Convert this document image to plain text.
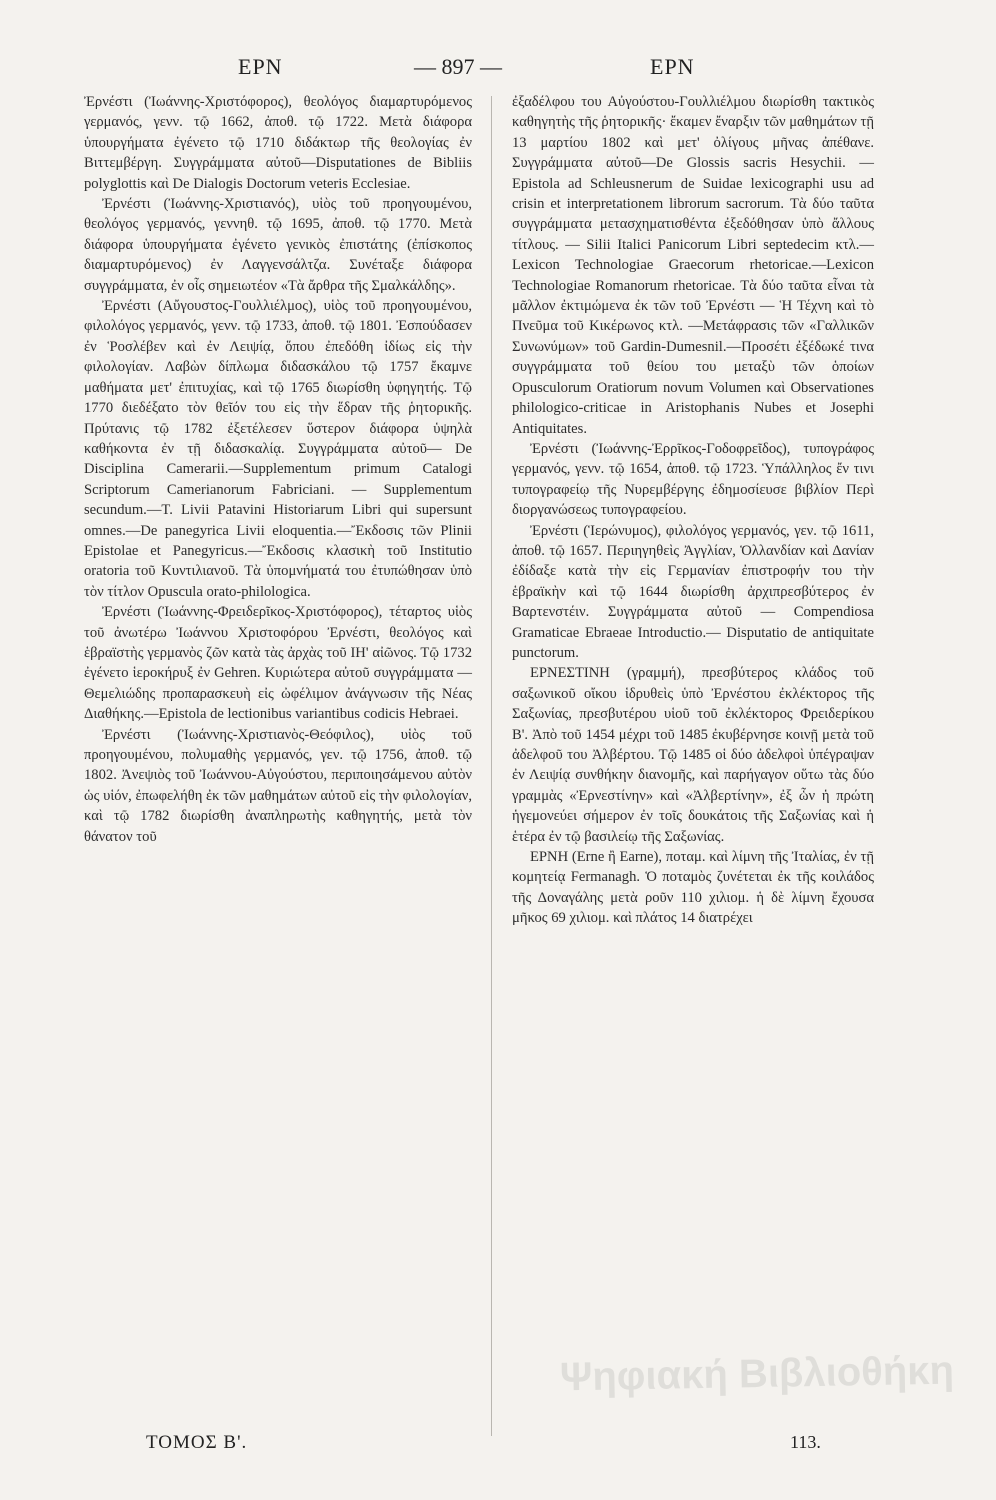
ΕΡΝ	— 897 —	ΕΡΝ

Ἐρνέστι (Ἰωάννης-Χριστόφορος), θεολόγος διαμαρτυρόμενος γερμανός, γενν. τῷ 1662, ἀποθ. τῷ 1722. Μετὰ διάφορα ὑπουργήματα ἐγένετο τῷ 1710 διδάκτωρ τῆς θεολογίας ἐν Βιττεμβέργη. Συγγράμματα αὐτοῦ—Disputationes de Bibliis polyglottis καὶ De Dialogis Doctorum veteris Ecclesiae.

Ἐρνέστι (Ἰωάννης-Χριστιανός), υἱὸς τοῦ προηγουμένου, θεολόγος γερμανός, γεννηθ. τῷ 1695, ἀποθ. τῷ 1770. Μετὰ διάφορα ὑπουργήματα ἐγένετο γενικὸς ἐπιστάτης (ἐπίσκοπος διαμαρτυρόμενος) ἐν Λαγγενσάλτζα. Συνέταξε διάφορα συγγράμματα, ἐν οἷς σημειωτέον «Τὰ ἄρθρα τῆς Σμαλκάλδης».

Ἐρνέστι (Αὔγουστος-Γουλλιέλμος), υἱὸς τοῦ προηγουμένου, φιλολόγος γερμανός, γενν. τῷ 1733, ἀποθ. τῷ 1801. Ἐσπούδασεν ἐν Ῥοσλέβεν καὶ ἐν Λειψίᾳ, ὅπου ἐπεδόθη ἰδίως εἰς τὴν φιλολογίαν. Λαβὼν δίπλωμα διδασκάλου τῷ 1757 ἔκαμνε μαθήματα μετ' ἐπιτυχίας, καὶ τῷ 1765 διωρίσθη ὑφηγητής. Τῷ 1770 διεδέξατο τὸν θεῖόν του εἰς τὴν ἕδραν τῆς ῥητορικῆς. Πρύτανις τῷ 1782 ἐξετέλεσεν ὕστερον διάφορα ὑψηλὰ καθήκοντα ἐν τῇ διδασκαλίᾳ. Συγγράμματα αὐτοῦ— De Disciplina Camerarii.—Supplementum primum Catalogi Scriptorum Camerianorum Fabriciani. — Supplementum secundum.—T. Livii Patavini Historiarum Libri qui supersunt omnes.—De panegyrica Livii eloquentia.—Ἔκδοσις τῶν Plinii Epistolae et Panegyricus.—Ἔκδοσις κλασικὴ τοῦ Institutio oratoria τοῦ Κυντιλιανοῦ. Τὰ ὑπομνήματά του ἐτυπώθησαν ὑπὸ τὸν τίτλον Opuscula orato-philologica.

Ἐρνέστι (Ἰωάννης-Φρειδερῖκος-Χριστόφορος), τέταρτος υἱὸς τοῦ ἀνωτέρω Ἰωάννου Χριστοφόρου Ἐρνέστι, θεολόγος καὶ ἑβραϊστὴς γερμανὸς ζῶν κατὰ τὰς ἀρχὰς τοῦ ΙΗ' αἰῶνος. Τῷ 1732 ἐγένετο ἱεροκήρυξ ἐν Gehren. Κυριώτερα αὐτοῦ συγγράμματα — Θεμελιώδης προπαρασκευὴ εἰς ὠφέλιμον ἀνάγνωσιν τῆς Νέας Διαθήκης.—Epistola de lectionibus variantibus codicis Hebraei.

Ἐρνέστι (Ἰωάννης-Χριστιανὸς-Θεόφιλος), υἱὸς τοῦ προηγουμένου, πολυμαθὴς γερμανός, γεν. τῷ 1756, ἀποθ. τῷ 1802. Ἀνεψιὸς τοῦ Ἰωάννου-Αὐγούστου, περιποιησάμενου αὐτὸν ὡς υἱόν, ἐπωφελήθη ἐκ τῶν μαθημάτων αὐτοῦ εἰς τὴν φιλολογίαν, καὶ τῷ 1782 διωρίσθη ἀναπληρωτὴς καθηγητής, μετὰ τὸν θάνατον τοῦ

ἐξαδέλφου του Αὐγούστου-Γουλλιέλμου διωρίσθη τακτικὸς καθηγητὴς τῆς ῥητορικῆς· ἔκαμεν ἔναρξιν τῶν μαθημάτων τῇ 13 μαρτίου 1802 καὶ μετ' ὀλίγους μῆνας ἀπέθανε. Συγγράμματα αὐτοῦ—De Glossis sacris Hesychii. — Epistola ad Schleusnerum de Suidae lexicographi usu ad crisin et interpretationem librorum sacrorum. Τὰ δύο ταῦτα συγγράμματα μετασχηματισθέντα ἐξεδόθησαν ὑπὸ ἄλλους τίτλους. — Silii Italici Panicorum Libri septedecim κτλ.—Lexicon Technologiae Graecorum rhetoricae.—Lexicon Technologiae Romanorum rhetoricae. Τὰ δύο ταῦτα εἶναι τὰ μᾶλλον ἐκτιμώμενα ἐκ τῶν τοῦ Ἐρνέστι — Ἡ Τέχνη καὶ τὸ Πνεῦμα τοῦ Κικέρωνος κτλ. —Μετάφρασις τῶν «Γαλλικῶν Συνωνύμων» τοῦ Gardin-Dumesnil.—Προσέτι ἐξέδωκέ τινα συγγράμματα τοῦ θείου του μεταξὺ τῶν ὁποίων Opusculorum Oratiorum novum Volumen καὶ Observationes philologico-criticae in Aristophanis Nubes et Josephi Antiquitates.

Ἐρνέστι (Ἰωάννης-Ἐρρῖκος-Γοδοφρεῖδος), τυπογράφος γερμανός, γενν. τῷ 1654, ἀποθ. τῷ 1723. Ὑπάλληλος ἔν τινι τυπογραφείῳ τῆς Νυρεμβέργης ἐδημοσίευσε βιβλίον Περὶ διοργανώσεως τυπογραφείου.

Ἐρνέστι (Ἱερώνυμος), φιλολόγος γερμανός, γεν. τῷ 1611, ἀποθ. τῷ 1657. Περιηγηθεὶς Ἀγγλίαν, Ὁλλανδίαν καὶ Δανίαν ἐδίδαξε κατὰ τὴν εἰς Γερμανίαν ἐπιστροφήν του τὴν ἑβραϊκὴν καὶ τῷ 1644 διωρίσθη ἀρχιπρεσβύτερος ἐν Βαρτενστέιν. Συγγράμματα αὐτοῦ — Compendiosa Gramaticae Ebraeae Introductio.— Disputatio de antiquitate punctorum.

ΕΡΝΕΣΤΙΝΗ (γραμμή), πρεσβύτερος κλάδος τοῦ σαξωνικοῦ οἴκου ἱδρυθεὶς ὑπὸ Ἐρνέστου ἐκλέκτορος τῆς Σαξωνίας, πρεσβυτέρου υἱοῦ τοῦ ἐκλέκτορος Φρειδερίκου Β'. Ἀπὸ τοῦ 1454 μέχρι τοῦ 1485 ἐκυβέρνησε κοινῇ μετὰ τοῦ ἀδελφοῦ του Ἀλβέρτου. Τῷ 1485 οἱ δύο ἀδελφοὶ ὑπέγραψαν ἐν Λειψίᾳ συνθήκην διανομῆς, καὶ παρήγαγον οὕτω τὰς δύο γραμμὰς «Ἐρνεστίνην» καὶ «Ἀλβερτίνην», ἐξ ὧν ἡ πρώτη ἡγεμονεύει σήμερον ἐν τοῖς δουκάτοις τῆς Σαξωνίας καὶ ἡ ἑτέρα ἐν τῷ βασιλείῳ τῆς Σαξωνίας.

ΕΡΝΗ (Erne ἢ Earne), ποταμ. καὶ λίμνη τῆς Ἰταλίας, ἐν τῇ κομητείᾳ Fermanagh. Ὁ ποταμὸς ζυνέτεται ἐκ τῆς κοιλάδος τῆς Δοναγάλης μετὰ ροῦν 110 χιλιομ. ἡ δὲ λίμνη ἔχουσα μῆκος 69 χιλιομ. καὶ πλάτος 14 διατρέχει

Ψηφιακή Βιβλιοθήκη
ΤΟΜΟΣ Β'.	113.
